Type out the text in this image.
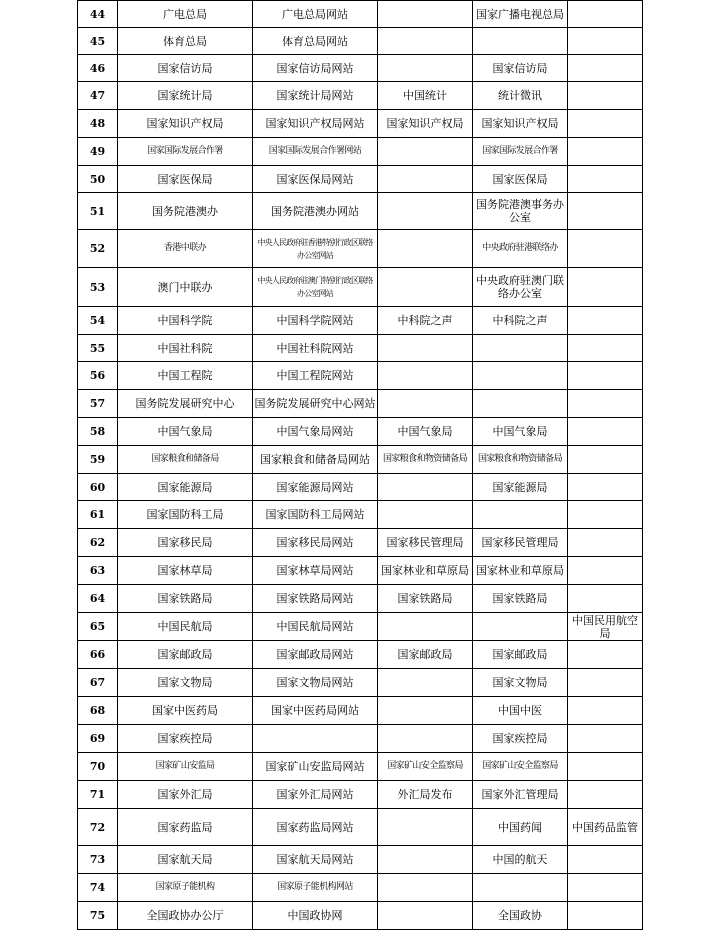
44	广电总局	广电总局网站		国家广播电视总局	
45	体育总局	体育总局网站			
46	国家信访局	国家信访局网站		国家信访局	
47	国家统计局	国家统计局网站	中国统计	统计微讯	
48	国家知识产权局	国家知识产权局网站	国家知识产权局	国家知识产权局	
49	国家国际发展合作署	国家国际发展合作署网站		国家国际发展合作署	
50	国家医保局	国家医保局网站		国家医保局	
51	国务院港澳办	国务院港澳办网站		国务院港澳事务办公室	
52	香港中联办	中央人民政府驻香港特别行政区联络办公室网站		中央政府驻港联络办	
53	澳门中联办	中央人民政府驻澳门特别行政区联络办公室网站		中央政府驻澳门联络办公室	
54	中国科学院	中国科学院网站	中科院之声	中科院之声	
55	中国社科院	中国社科院网站			
56	中国工程院	中国工程院网站			
57	国务院发展研究中心	国务院发展研究中心网站			
58	中国气象局	中国气象局网站	中国气象局	中国气象局	
59	国家粮食和储备局	国家粮食和储备局网站	国家粮食和物资储备局	国家粮食和物资储备局	
60	国家能源局	国家能源局网站		国家能源局	
61	国家国防科工局	国家国防科工局网站			
62	国家移民局	国家移民局网站	国家移民管理局	国家移民管理局	
63	国家林草局	国家林草局网站	国家林业和草原局	国家林业和草原局	
64	国家铁路局	国家铁路局网站	国家铁路局	国家铁路局	
65	中国民航局	中国民航局网站			中国民用航空局
66	国家邮政局	国家邮政局网站	国家邮政局	国家邮政局	
67	国家文物局	国家文物局网站		国家文物局	
68	国家中医药局	国家中医药局网站		中国中医	
69	国家疾控局			国家疾控局	
70	国家矿山安监局	国家矿山安监局网站	国家矿山安全监察局	国家矿山安全监察局	
71	国家外汇局	国家外汇局网站	外汇局发布	国家外汇管理局	
72	国家药监局	国家药监局网站		中国药闻	中国药品监管
73	国家航天局	国家航天局网站		中国的航天	
74	国家原子能机构	国家原子能机构网站			
75	全国政协办公厅	中国政协网		全国政协	
